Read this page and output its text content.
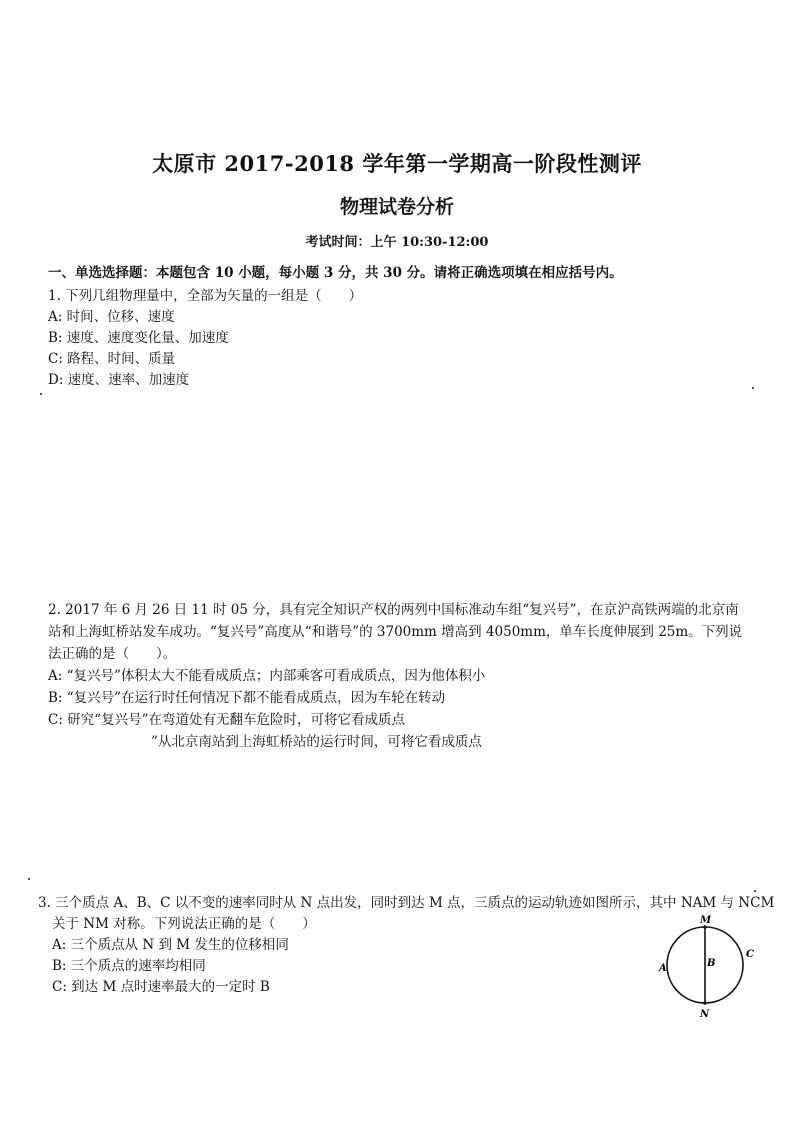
太原市 2017-2018 学年第一学期高一阶段性测评
物理试卷分析
考试时间：上午 10:30-12:00
一、单选选择题：本题包含 10 小题，每小题 3 分，共 30 分。请将正确选项填在相应括号内。
1. 下列几组物理量中，全部为矢量的一组是（　　）
A: 时间、位移、速度
B: 速度、速度变化量、加速度
C: 路程、时间、质量
D: 速度、速率、加速度
2. 2017 年 6 月 26 日 11 时 05 分，具有完全知识产权的两列中国标准动车组“复兴号”，在京沪高铁两端的北京南
站和上海虹桥站发车成功。“复兴号”高度从“和谐号”的 3700mm 增高到 4050mm，单车长度伸展到 25m。下列说
法正确的是（　　）。
A: “复兴号”体积太大不能看成质点；内部乘客可看成质点，因为他体积小
B: “复兴号”在运行时任何情况下都不能看成质点，因为车轮在转动
C: 研究“复兴号”在弯道处有无翻车危险时，可将它看成质点
”从北京南站到上海虹桥站的运行时间，可将它看成质点
3. 三个质点 A、B、C 以不变的速率同时从 N 点出发，同时到达 M 点，三质点的运动轨迹如图所示，其中 NAM 与 NCM
关于 NM 对称。下列说法正确的是（　　）
A: 三个质点从 N 到 M 发生的位移相同
B: 三个质点的速率均相同
C: 到达 M 点时速率最大的一定时 B
M
N
A	B
C
